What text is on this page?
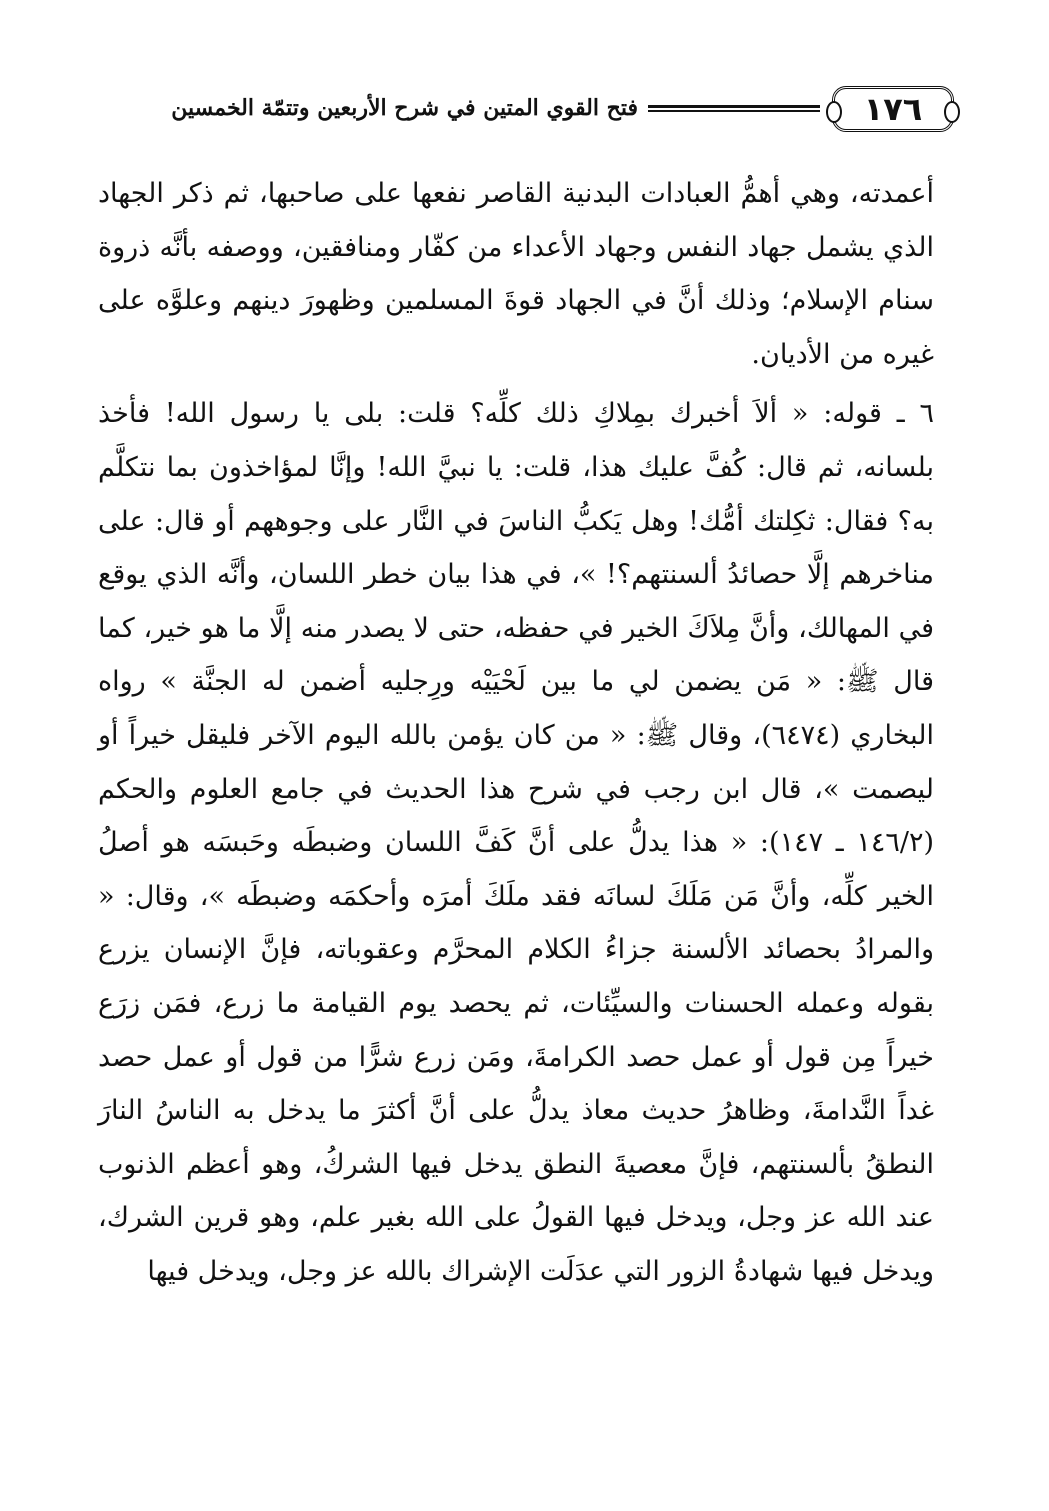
١٧٦
فتح القوي المتين في شرح الأربعين وتتمّة الخمسين

أعمدته، وهي أهمُّ العبادات البدنية القاصر نفعها على صاحبها، ثم ذكر الجهاد الذي يشمل جهاد النفس وجهاد الأعداء من كفّار ومنافقين، ووصفه بأنَّه ذروة سنام الإسلام؛ وذلك أنَّ في الجهاد قوةَ المسلمين وظهورَ دينهم وعلوَّه على غيره من الأديان.

٦ ـ قوله: « ألاَ أخبرك بمِلاكِ ذلك كلِّه؟ قلت: بلى يا رسول الله! فأخذ بلسانه، ثم قال: كُفَّ عليك هذا، قلت: يا نبيَّ الله! وإنَّا لمؤاخذون بما نتكلَّم به؟ فقال: ثكِلتك أمُّك! وهل يَكبُّ الناسَ في النَّار على وجوههم أو قال: على مناخرهم إلَّا حصائدُ ألسنتهم؟! »، في هذا بيان خطر اللسان، وأنَّه الذي يوقع في المهالك، وأنَّ مِلاَكَ الخير في حفظه، حتى لا يصدر منه إلَّا ما هو خير، كما قال ﷺ: « مَن يضمن لي ما بين لَحْيَيْه ورِجليه أضمن له الجنَّة » رواه البخاري (٦٤٧٤)، وقال ﷺ: « من كان يؤمن بالله اليوم الآخر فليقل خيراً أو ليصمت »، قال ابن رجب في شرح هذا الحديث في جامع العلوم والحكم (١٤٦/٢ ـ ١٤٧): « هذا يدلُّ على أنَّ كَفَّ اللسان وضبطَه وحَبسَه هو أصلُ الخير كلِّه، وأنَّ مَن مَلَكَ لسانَه فقد ملَكَ أمرَه وأحكمَه وضبطَه »، وقال: « والمرادُ بحصائد الألسنة جزاءُ الكلام المحرَّم وعقوباته، فإنَّ الإنسان يزرع بقوله وعمله الحسنات والسيِّئات، ثم يحصد يوم القيامة ما زرع، فمَن زرَع خيراً مِن قول أو عمل حصد الكرامةَ، ومَن زرع شرًّا من قول أو عمل حصد غداً النَّدامةَ، وظاهرُ حديث معاذ يدلُّ على أنَّ أكثرَ ما يدخل به الناسُ النارَ النطقُ بألسنتهم، فإنَّ معصيةَ النطق يدخل فيها الشركُ، وهو أعظم الذنوب عند الله عز وجل، ويدخل فيها القولُ على الله بغير علم، وهو قرين الشرك، ويدخل فيها شهادةُ الزور التي عدَلَت الإشراك بالله عز وجل، ويدخل فيها
